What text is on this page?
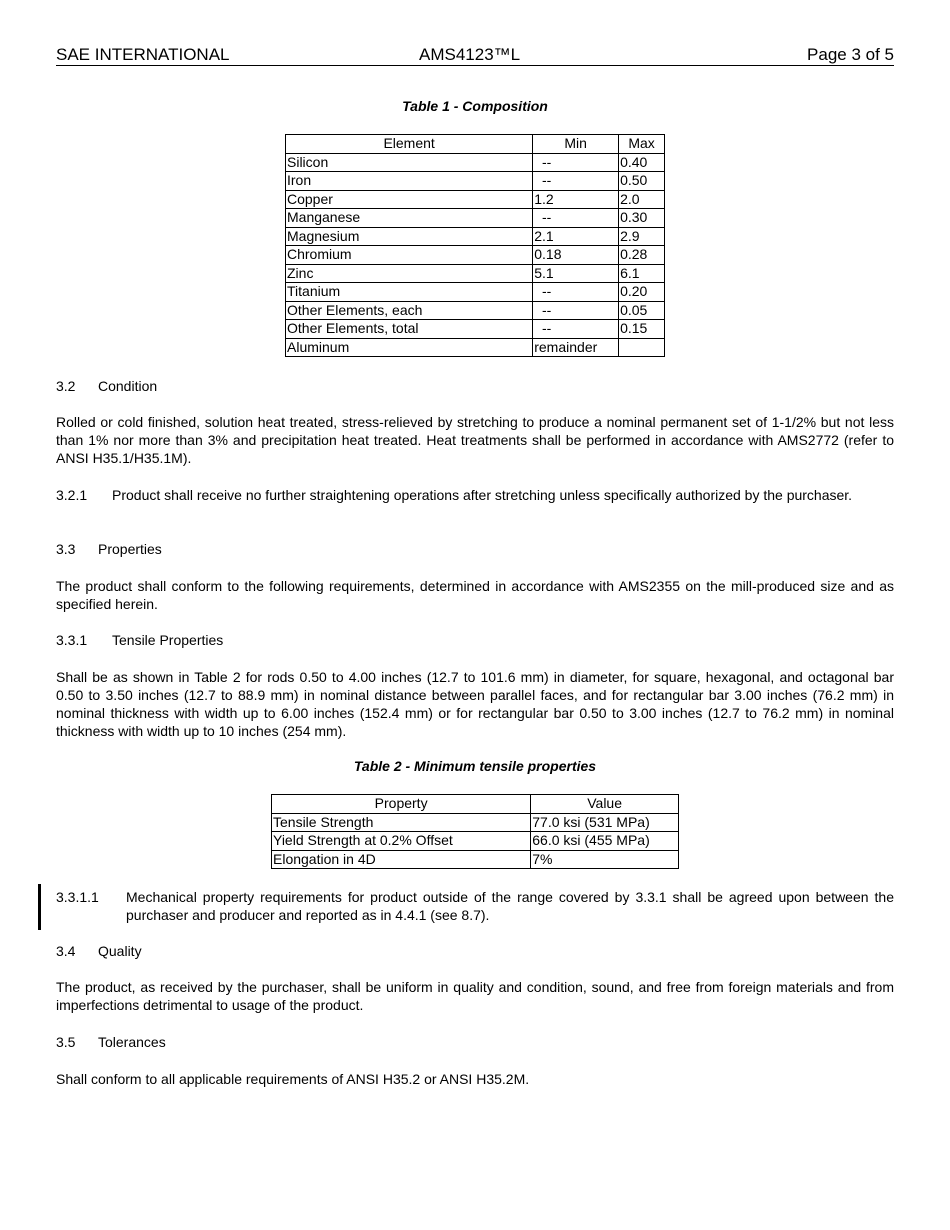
SAE INTERNATIONAL	AMS4123™L	Page 3 of 5
Table 1 - Composition
Element	Min	Max
Silicon	--	0.40
Iron	--	0.50
Copper	1.2	2.0
Manganese	--	0.30
Magnesium	2.1	2.9
Chromium	0.18	0.28
Zinc	5.1	6.1
Titanium	--	0.20
Other Elements, each	--	0.05
Other Elements, total	--	0.15
Aluminum	remainder	
3.2 Condition
Rolled or cold finished, solution heat treated, stress-relieved by stretching to produce a nominal permanent set of 1-1/2% but not less than 1% nor more than 3% and precipitation heat treated. Heat treatments shall be performed in accordance with AMS2772 (refer to ANSI H35.1/H35.1M).
3.2.1 Product shall receive no further straightening operations after stretching unless specifically authorized by the purchaser.
3.3 Properties
The product shall conform to the following requirements, determined in accordance with AMS2355 on the mill-produced size and as specified herein.
3.3.1 Tensile Properties
Shall be as shown in Table 2 for rods 0.50 to 4.00 inches (12.7 to 101.6 mm) in diameter, for square, hexagonal, and octagonal bar 0.50 to 3.50 inches (12.7 to 88.9 mm) in nominal distance between parallel faces, and for rectangular bar 3.00 inches (76.2 mm) in nominal thickness with width up to 6.00 inches (152.4 mm) or for rectangular bar 0.50 to 3.00 inches (12.7 to 76.2 mm) in nominal thickness with width up to 10 inches (254 mm).
Table 2 - Minimum tensile properties
Property	Value
Tensile Strength	77.0 ksi (531 MPa)
Yield Strength at 0.2% Offset	66.0 ksi (455 MPa)
Elongation in 4D	7%
3.3.1.1 Mechanical property requirements for product outside of the range covered by 3.3.1 shall be agreed upon between the purchaser and producer and reported as in 4.4.1 (see 8.7).
3.4 Quality
The product, as received by the purchaser, shall be uniform in quality and condition, sound, and free from foreign materials and from imperfections detrimental to usage of the product.
3.5 Tolerances
Shall conform to all applicable requirements of ANSI H35.2 or ANSI H35.2M.
